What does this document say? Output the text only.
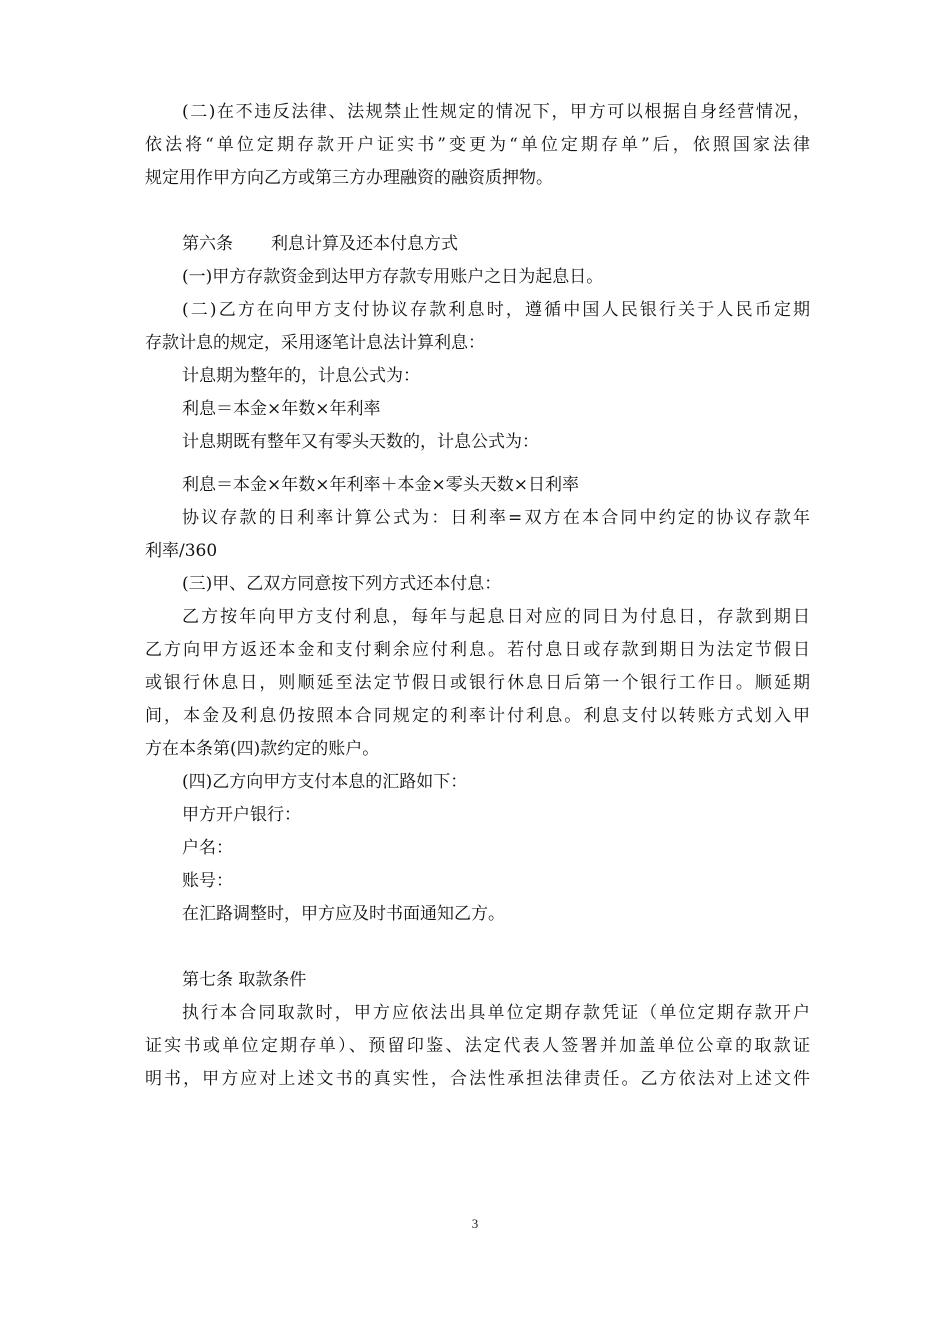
(二)在不违反法律、法规禁止性规定的情况下，甲方可以根据自身经营情况，
依法将“单位定期存款开户证实书”变更为“单位定期存单”后，依照国家法律
规定用作甲方向乙方或第三方办理融资的融资质押物。
第六条 利息计算及还本付息方式
(一)甲方存款资金到达甲方存款专用账户之日为起息日。
(二)乙方在向甲方支付协议存款利息时，遵循中国人民银行关于人民币定期
存款计息的规定，采用逐笔计息法计算利息：
计息期为整年的，计息公式为：
利息＝本金×年数×年利率
计息期既有整年又有零头天数的，计息公式为：
利息＝本金×年数×年利率＋本金×零头天数×日利率
协议存款的日利率计算公式为：日利率=双方在本合同中约定的协议存款年
利率/360
(三)甲、乙双方同意按下列方式还本付息：
乙方按年向甲方支付利息，每年与起息日对应的同日为付息日，存款到期日
乙方向甲方返还本金和支付剩余应付利息。若付息日或存款到期日为法定节假日
或银行休息日，则顺延至法定节假日或银行休息日后第一个银行工作日。顺延期
间，本金及利息仍按照本合同规定的利率计付利息。利息支付以转账方式划入甲
方在本条第(四)款约定的账户。
(四)乙方向甲方支付本息的汇路如下：
甲方开户银行：
户名：
账号：
在汇路调整时，甲方应及时书面通知乙方。
第七条 取款条件
执行本合同取款时，甲方应依法出具单位定期存款凭证（单位定期存款开户
证实书或单位定期存单）、预留印鉴、法定代表人签署并加盖单位公章的取款证
明书，甲方应对上述文书的真实性，合法性承担法律责任。乙方依法对上述文件
3
